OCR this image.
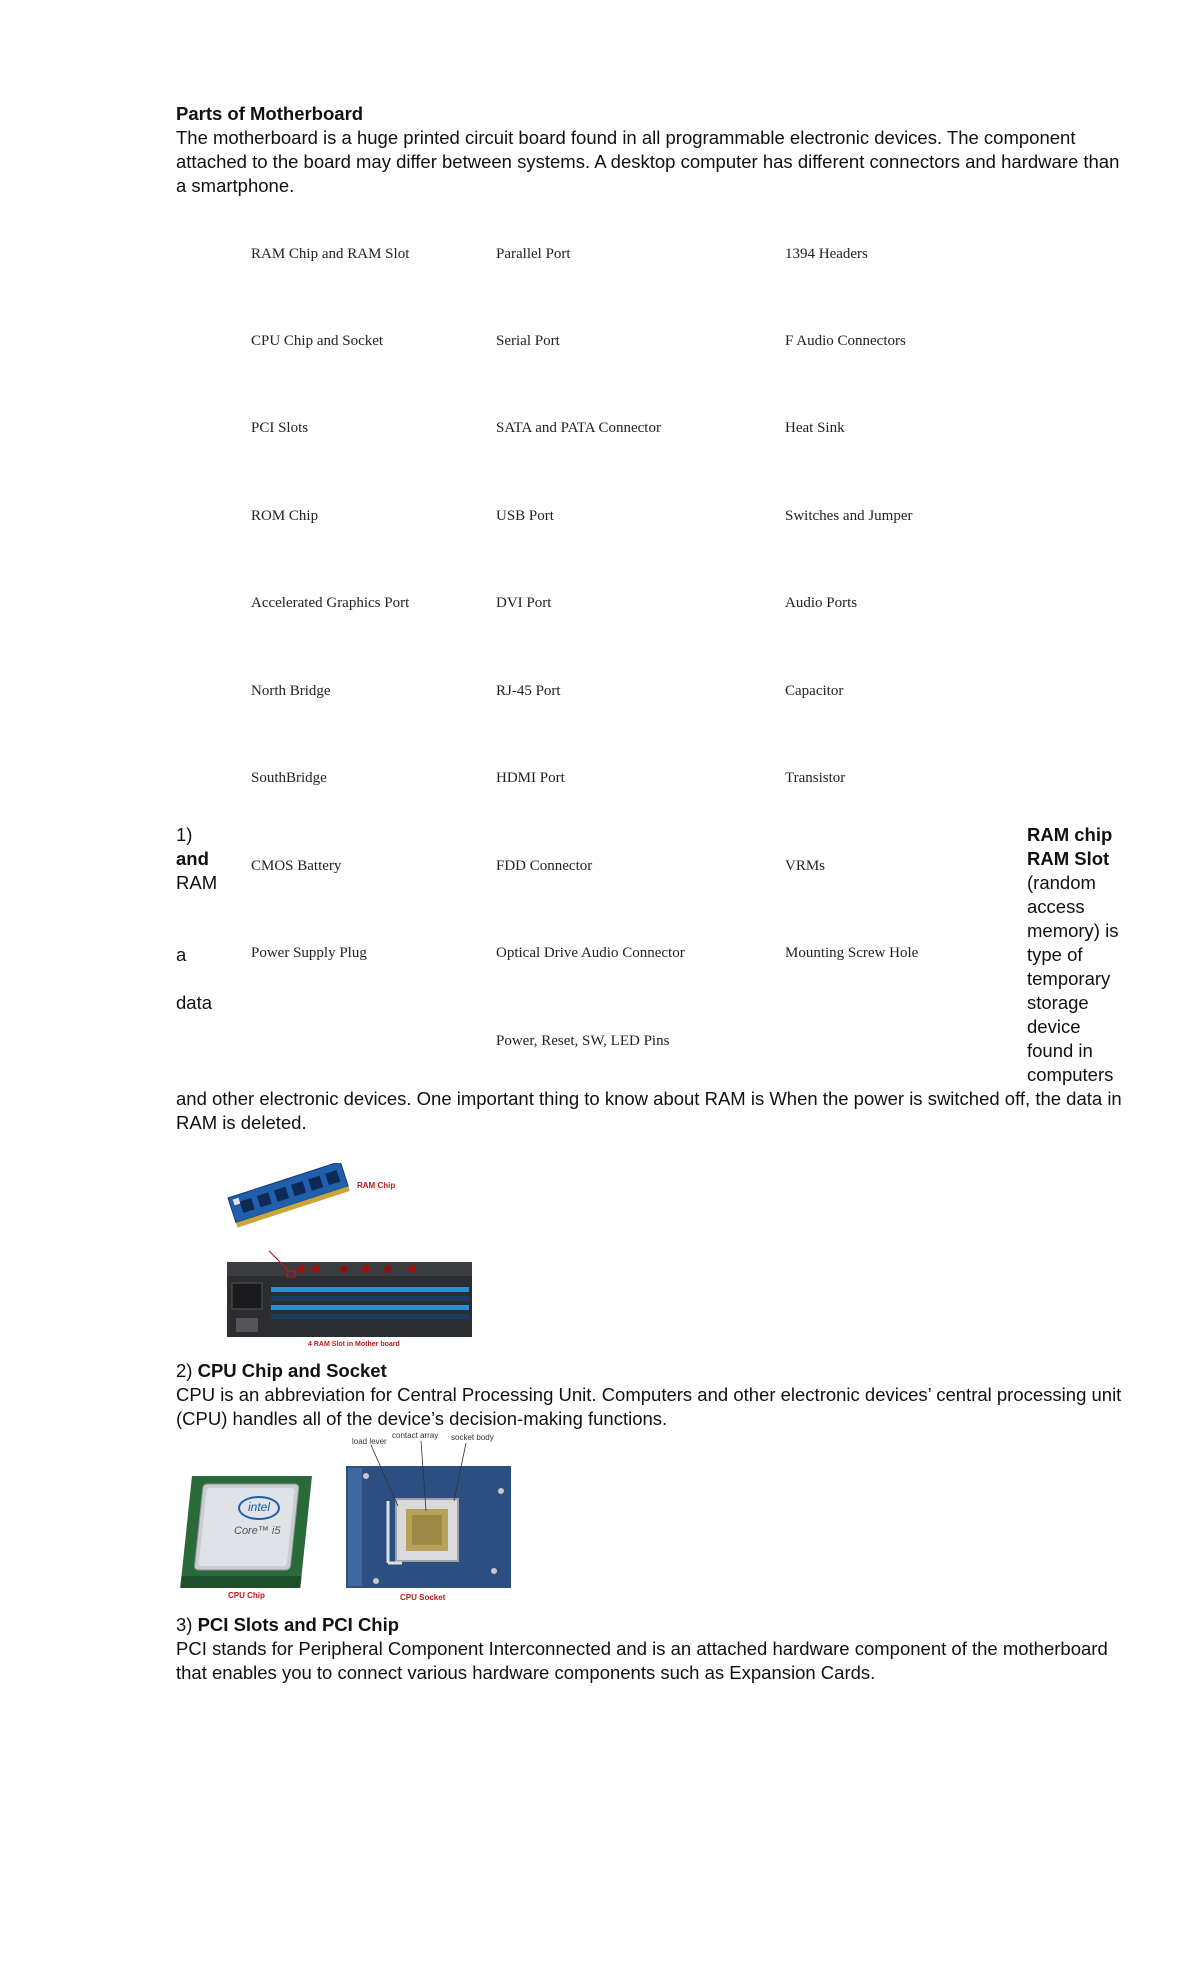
Parts of Motherboard
The motherboard is a huge printed circuit board found in all programmable electronic devices. The component attached to the board may differ between systems. A desktop computer has different connectors and hardware than a smartphone.
RAM Chip and RAM Slot
CPU Chip and Socket
PCI Slots
ROM Chip
Accelerated Graphics Port
North Bridge
SouthBridge
CMOS Battery
Power Supply Plug
Parallel Port
Serial Port
SATA and PATA Connector
USB Port
DVI Port
RJ-45 Port
HDMI Port
FDD Connector
Optical Drive Audio Connector
Power, Reset, SW, LED Pins
1394 Headers
F Audio Connectors
Heat Sink
Switches and Jumper
Audio Ports
Capacitor
Transistor
VRMs
Mounting Screw Hole
1)
and
RAM
a
data
RAM chip
RAM Slot
(random
access
memory) is
type of
temporary
storage
device
found in
computers
and other electronic devices. One important thing to know about RAM is When the power is switched off, the data in RAM is deleted.
RAM Chip
4 RAM Slot in Mother board
2) CPU Chip and Socket
CPU is an abbreviation for Central Processing Unit. Computers and other electronic devices’ central processing unit (CPU) handles all of the device’s decision-making functions.
intel
Core™ i5
CPU Chip	CPU Socket
load lever
contact array socket body
3) PCI Slots and PCI Chip
PCI stands for Peripheral Component Interconnected and is an attached hardware component of the motherboard that enables you to connect various hardware components such as Expansion Cards.
